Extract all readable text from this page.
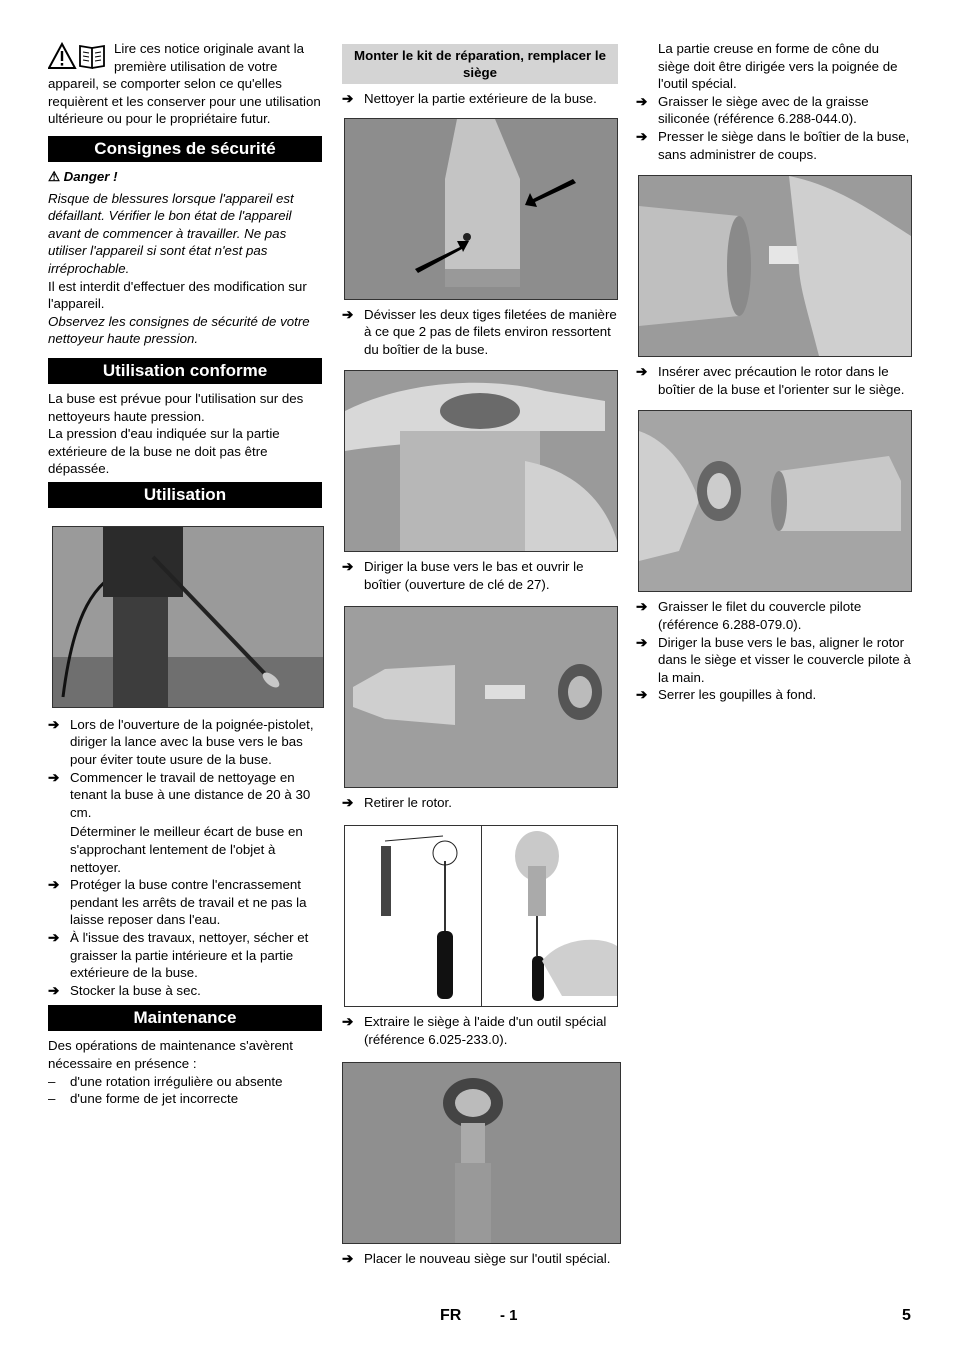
Lire ces notice originale avant la première utilisation de votre appareil, se comporter selon ce qu'elles requièrent et les conserver pour une utilisation ultérieure ou pour le propriétaire futur.

Consignes de sécurité

⚠ Danger !

Risque de blessures lorsque l'appareil est défaillant. Vérifier le bon état de l'appareil avant de commencer à travailler. Ne pas utiliser l'appareil si sont état n'est pas irréprochable.

Il est interdit d'effectuer des modification sur l'appareil.

Observez les consignes de sécurité de votre nettoyeur haute pression.

Utilisation conforme

La buse est prévue pour l'utilisation sur des nettoyeurs haute pression.

La pression d'eau indiquée sur la partie extérieure de la buse ne doit pas être dépassée.

Utilisation
➔ Lors de l'ouverture de la poignée-pistolet, diriger la lance avec la buse vers le bas pour éviter toute usure de la buse.
➔ Commencer le travail de nettoyage en tenant la buse à une distance de 20 à 30 cm.

Déterminer le meilleur écart de buse en s'approchant lentement de l'objet à nettoyer.

➔ Protéger la buse contre l'encrassement pendant les arrêts de travail et ne pas la laisse reposer dans l'eau.
➔ À l'issue des travaux, nettoyer, sécher et graisser la partie intérieure et la partie extérieure de la buse.
➔ Stocker la buse à sec.
Maintenance

Des opérations de maintenance s'avèrent nécessaire en présence :

– d'une rotation irrégulière ou absente
– d'une forme de jet incorrecte
Monter le kit de réparation, remplacer le siège
➔ Nettoyer la partie extérieure de la buse.
➔ Dévisser les deux tiges filetées de manière à ce que 2 pas de filets environ ressortent du boîtier de la buse.
➔ Diriger la buse vers le bas et ouvrir le boîtier (ouverture de clé de 27).
➔ Retirer le rotor.
➔ Extraire le siège à l'aide d'un outil spécial (référence 6.025-233.0).
➔ Placer le nouveau siège sur l'outil spécial.

La partie creuse en forme de cône du siège doit être dirigée vers la poignée de l'outil spécial.

➔ Graisser le siège avec de la graisse siliconée (référence 6.288-044.0).
➔ Presser le siège dans le boîtier de la buse, sans administrer de coups.
➔ Insérer avec précaution le rotor dans le boîtier de la buse et l'orienter sur le siège.
➔ Graisser le filet du couvercle pilote (référence 6.288-079.0).
➔ Diriger la buse vers le bas, aligner le rotor dans le siège et visser le couvercle pilote à la main.
➔ Serrer les goupilles à fond.
FR	- 1	5
